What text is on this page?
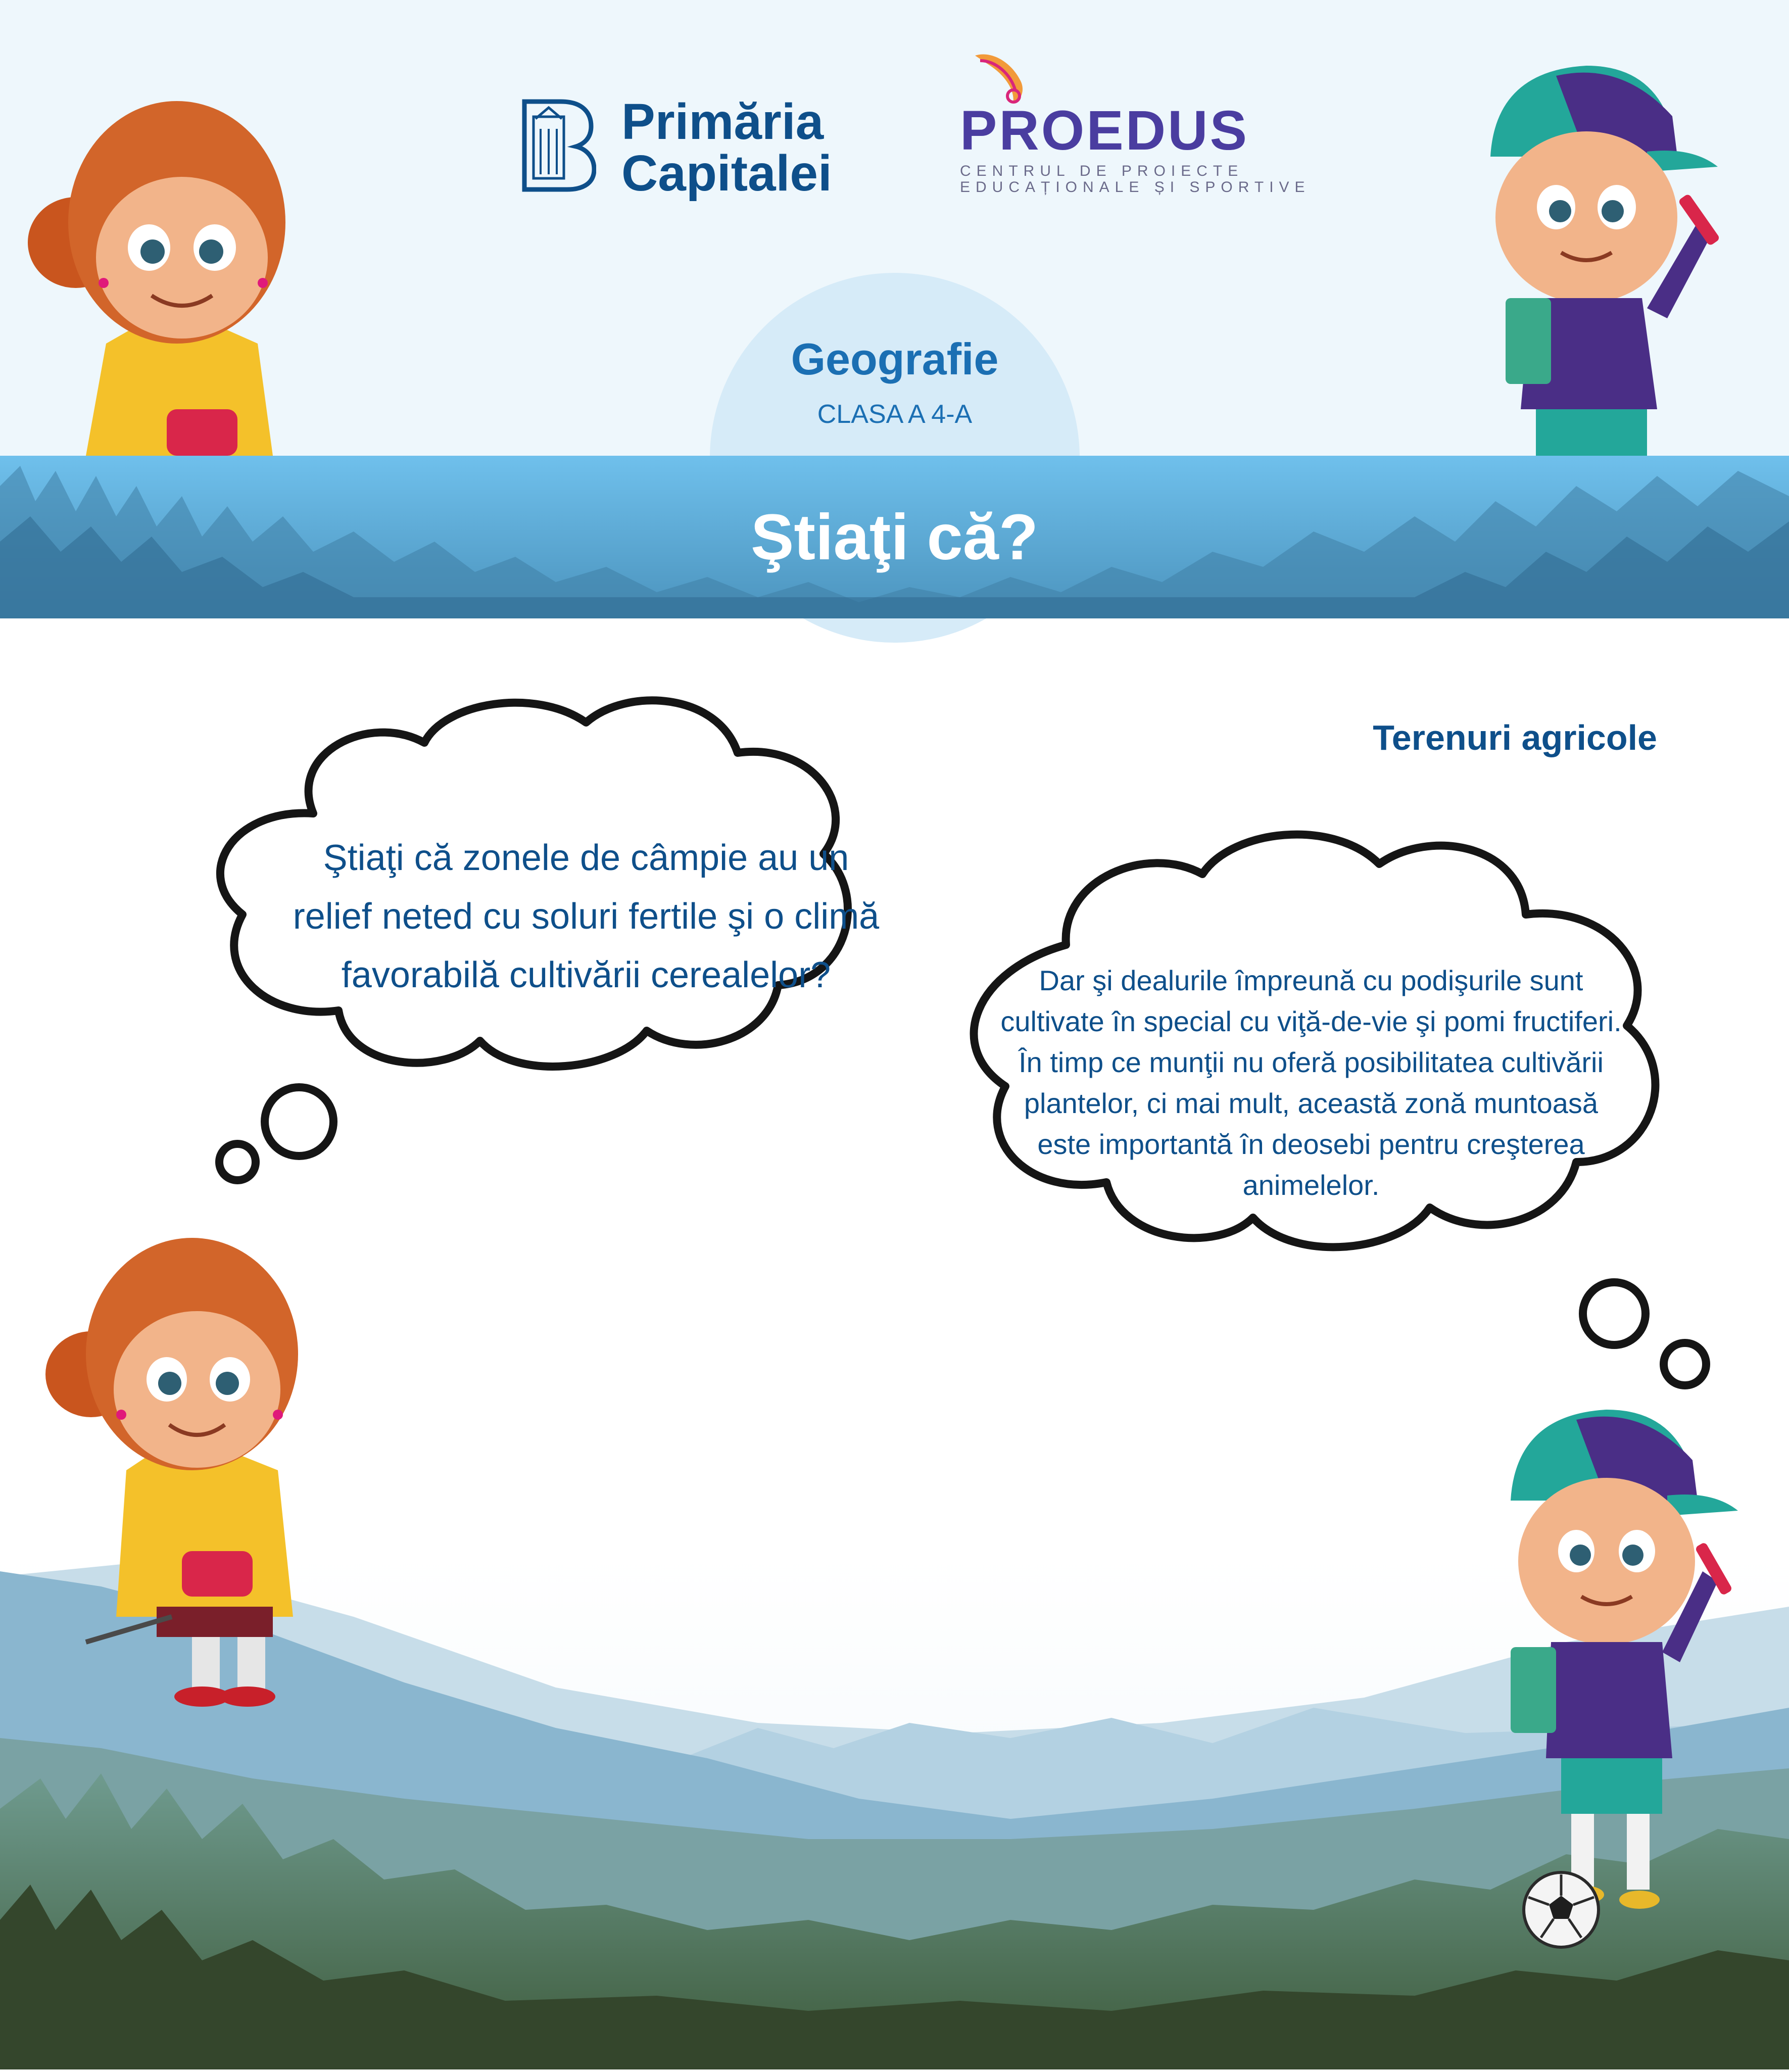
Geografie
CLASA A 4-A
Ştiaţi că?
Primăria
Capitalei
PROEDUS
CENTRUL DE PROIECTE
EDUCAȚIONALE ȘI SPORTIVE
Terenuri agricole
Ştiaţi că zonele de câmpie au un relief neted cu soluri fertile şi o climă favorabilă cultivării cerealelor?	Dar şi dealurile împreună cu podişurile sunt cultivate în special cu viţă-de-vie şi pomi fructiferi. În timp ce munţii nu oferă posibilitatea cultivării plantelor, ci mai mult, această zonă muntoasă este importantă în deosebi pentru creşterea animelelor.
